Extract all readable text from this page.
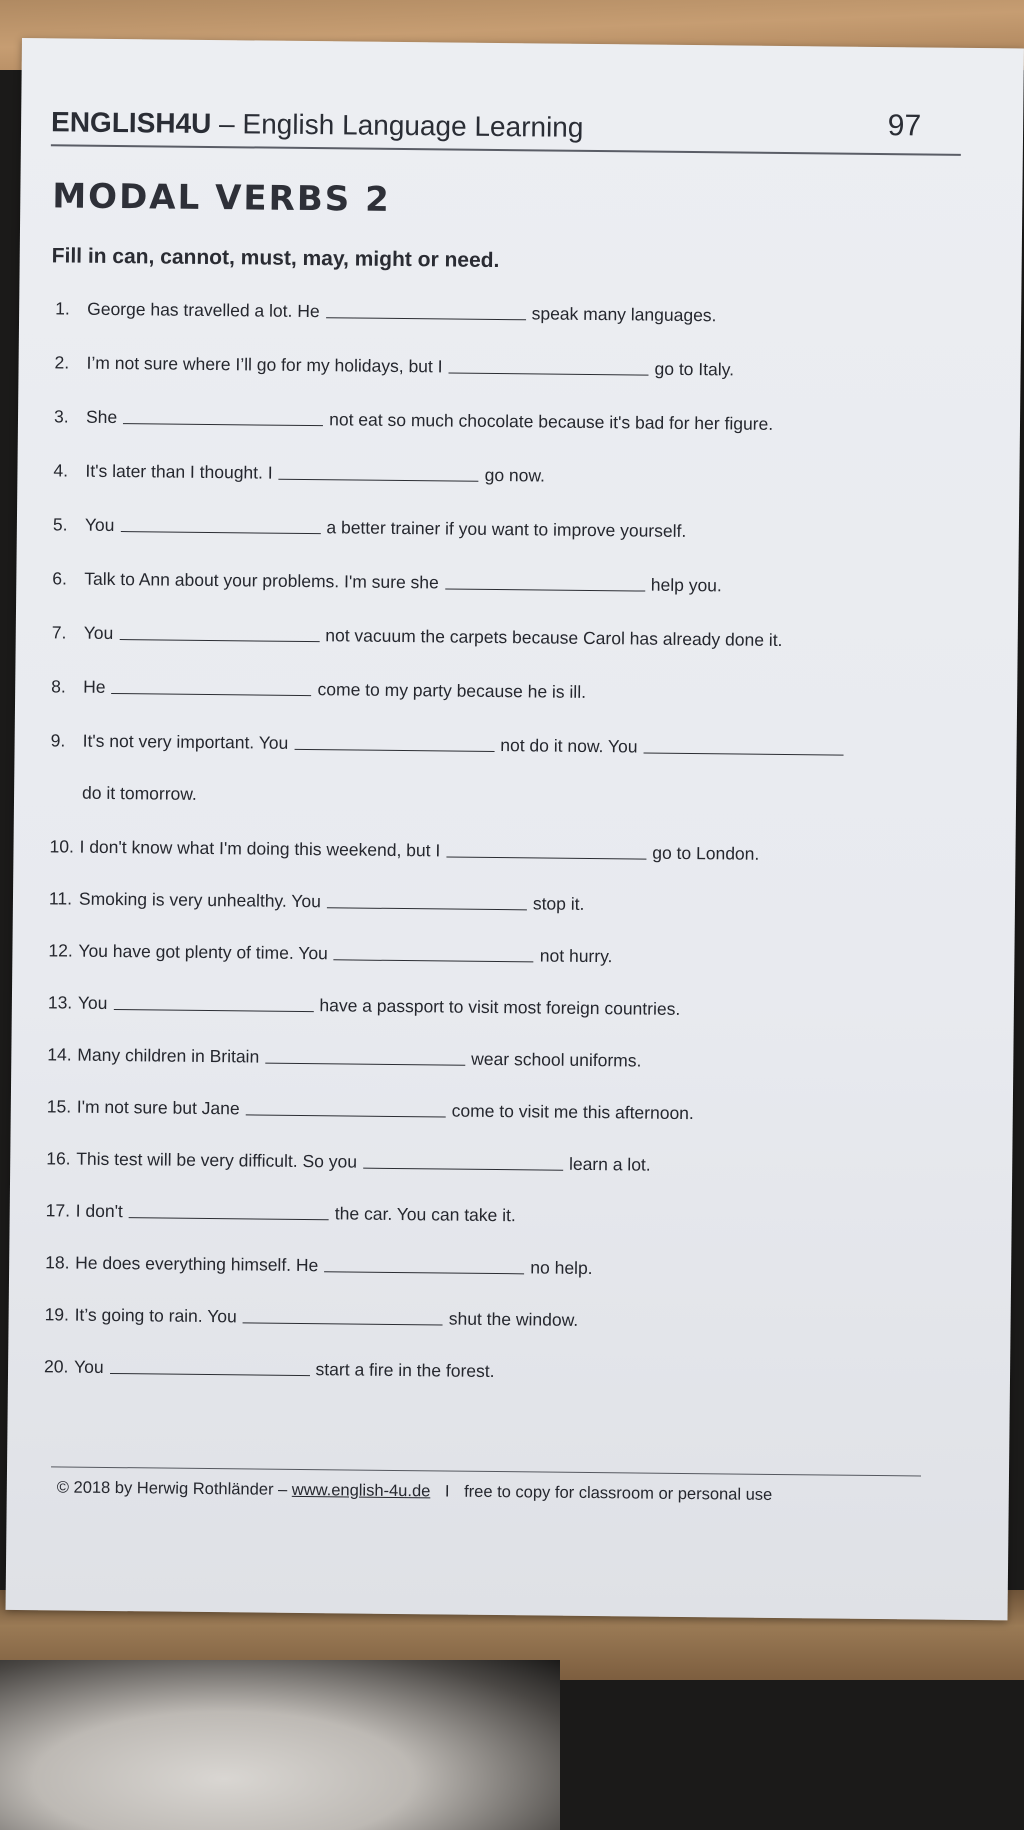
ENGLISH4U – English Language Learning	97
MODAL VERBS 2
Fill in can, cannot, must, may, might or need.
1. George has travelled a lot. He	speak many languages.
2. I’m not sure where I’ll go for my holidays, but I	go to Italy.
3. She	not eat so much chocolate because it's bad for her figure.
4. It's later than I thought. I	go now.
5. You	a better trainer if you want to improve yourself.
6. Talk to Ann about your problems. I'm sure she	help you.
7. You	not vacuum the carpets because Carol has already done it.
8. He	come to my party because he is ill.
9. It's not very important. You	not do it now. You
do it tomorrow.
10. I don't know what I'm doing this weekend, but I	go to London.
11. Smoking is very unhealthy. You	stop it.
12. You have got plenty of time. You	not hurry.
13. You	have a passport to visit most foreign countries.
14. Many children in Britain	wear school uniforms.
15. I'm not sure but Jane	come to visit me this afternoon.
16. This test will be very difficult. So you	learn a lot.
17. I don't	the car. You can take it.
18. He does everything himself. He	no help.
19. It’s going to rain. You	shut the window.
20. You	start a fire in the forest.
© 2018 by Herwig Rothländer – www.english-4u.de I free to copy for classroom or personal use
